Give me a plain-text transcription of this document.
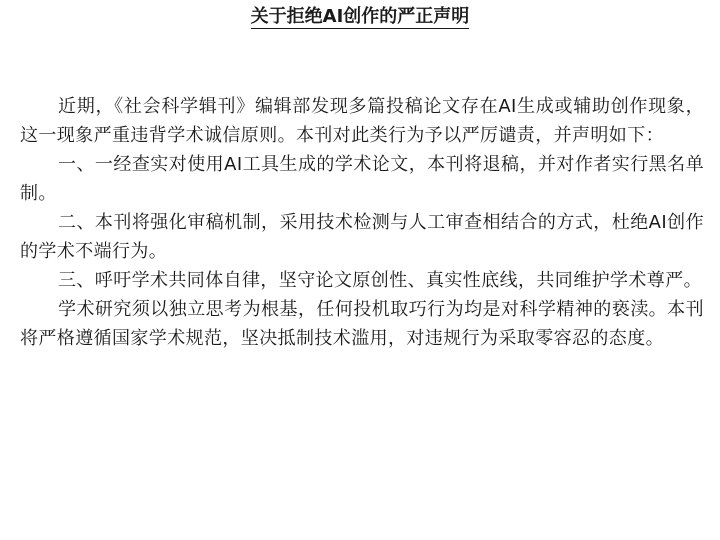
关于拒绝AI创作的严正声明

近期，《社会科学辑刊》编辑部发现多篇投稿论文存在AI生成或辅助创作现象，这一现象严重违背学术诚信原则。本刊对此类行为予以严厉谴责，并声明如下：

一、一经查实对使用AI工具生成的学术论文，本刊将退稿，并对作者实行黑名单制。

二、本刊将强化审稿机制，采用技术检测与人工审查相结合的方式，杜绝AI创作的学术不端行为。

三、呼吁学术共同体自律，坚守论文原创性、真实性底线，共同维护学术尊严。

学术研究须以独立思考为根基，任何投机取巧行为均是对科学精神的亵渎。本刊将严格遵循国家学术规范，坚决抵制技术滥用，对违规行为采取零容忍的态度。
